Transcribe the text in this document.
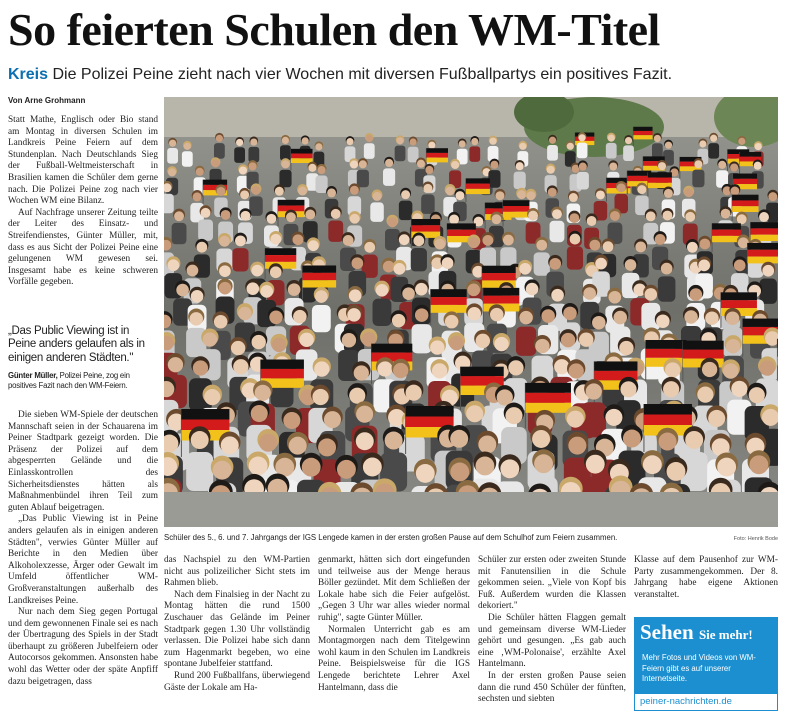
So feierten Schulen den WM-Titel

Kreis Die Polizei Peine zieht nach vier Wochen mit diversen Fußballpartys ein positives Fazit.

Von Arne Grohmann

Statt Mathe, Englisch oder Bio stand am Montag in diversen Schulen im Landkreis Peine Feiern auf dem Stundenplan. Nach Deutschlands Sieg der Fußball-Weltmeisterschaft in Brasilien kamen die Schüler dem gerne nach. Die Polizei Peine zog nach vier Wochen WM eine Bilanz.

Auf Nachfrage unserer Zeitung teilte der Leiter des Einsatz- und Streifendienstes, Günter Müller, mit, dass es aus Sicht der Polizei Peine eine gelungenen WM gewesen sei. Insgesamt habe es keine schweren Vorfälle gegeben.

„Das Public Viewing ist in Peine anders gelaufen als in einigen anderen Städten."

Günter Müller, Polizei Peine, zog ein positives Fazit nach den WM-Feiern.

Die sieben WM-Spiele der deutschen Mannschaft seien in der Schauarena im Peiner Stadtpark gezeigt worden. Die Präsenz der Polizei auf dem abgesperrten Gelände und die Einlasskontrollen des Sicherheitsdienstes hätten als Maßnahmenbündel ihren Teil zum guten Ablauf beigetragen.

„Das Public Viewing ist in Peine anders gelaufen als in einigen anderen Städten", verwies Günter Müller auf Berichte in den Medien über Alkoholexzesse, Ärger oder Gewalt im Umfeld öffentlicher WM-Großveranstaltungen außerhalb des Landkreises Peine.

Nur nach dem Sieg gegen Portugal und dem gewonnenen Finale sei es nach der Übertragung des Spiels in der Stadt überhaupt zu größeren Jubelfeiern oder Autocorsos gekommen. Ansonsten habe wohl das Wetter oder der späte Anpfiff dazu beigetragen, dass

Schüler des 5., 6. und 7. Jahrgangs der IGS Lengede kamen in der ersten großen Pause auf dem Schulhof zum Feiern zusammen.	Foto: Henrik Bode

das Nachspiel zu den WM-Partien nicht aus polizeilicher Sicht stets im Rahmen blieb.

Nach dem Finalsieg in der Nacht zu Montag hätten die rund 1500 Zuschauer das Gelände im Peiner Stadtpark gegen 1.30 Uhr vollständig verlassen. Die Polizei habe sich dann zum Hagenmarkt begeben, wo eine spontane Jubelfeier stattfand.

Rund 200 Fußballfans, überwiegend Gäste der Lokale am Ha-

genmarkt, hätten sich dort eingefunden und teilweise aus der Menge heraus Böller gezündet. Mit dem Schließen der Lokale habe sich die Feier aufgelöst. „Gegen 3 Uhr war alles wieder normal ruhig", sagte Günter Müller.

Normalen Unterricht gab es am Montagmorgen nach dem Titelgewinn wohl kaum in den Schulen im Landkreis Peine. Beispielsweise für die IGS Lengede berichtete Lehrer Axel Hantelmann, dass die

Schüler zur ersten oder zweiten Stunde mit Fanutensilien in die Schule gekommen seien. „Viele von Kopf bis Fuß. Außerdem wurden die Klassen dekoriert."

Die Schüler hätten Flaggen gemalt und gemeinsam diverse WM-Lieder gehört und gesungen. „Es gab auch eine ‚WM-Polonaise', erzählte Axel Hantelmann.

In der ersten großen Pause seien dann die rund 450 Schüler der fünften, sechsten und siebten

Klasse auf dem Pausenhof zur WM-Party zusammengekommen. Der 8. Jahrgang habe eigene Aktionen veranstaltet.

Sehen Sie mehr!
Mehr Fotos und Videos von WM-Feiern gibt es auf unserer Internetseite.
peiner-nachrichten.de
